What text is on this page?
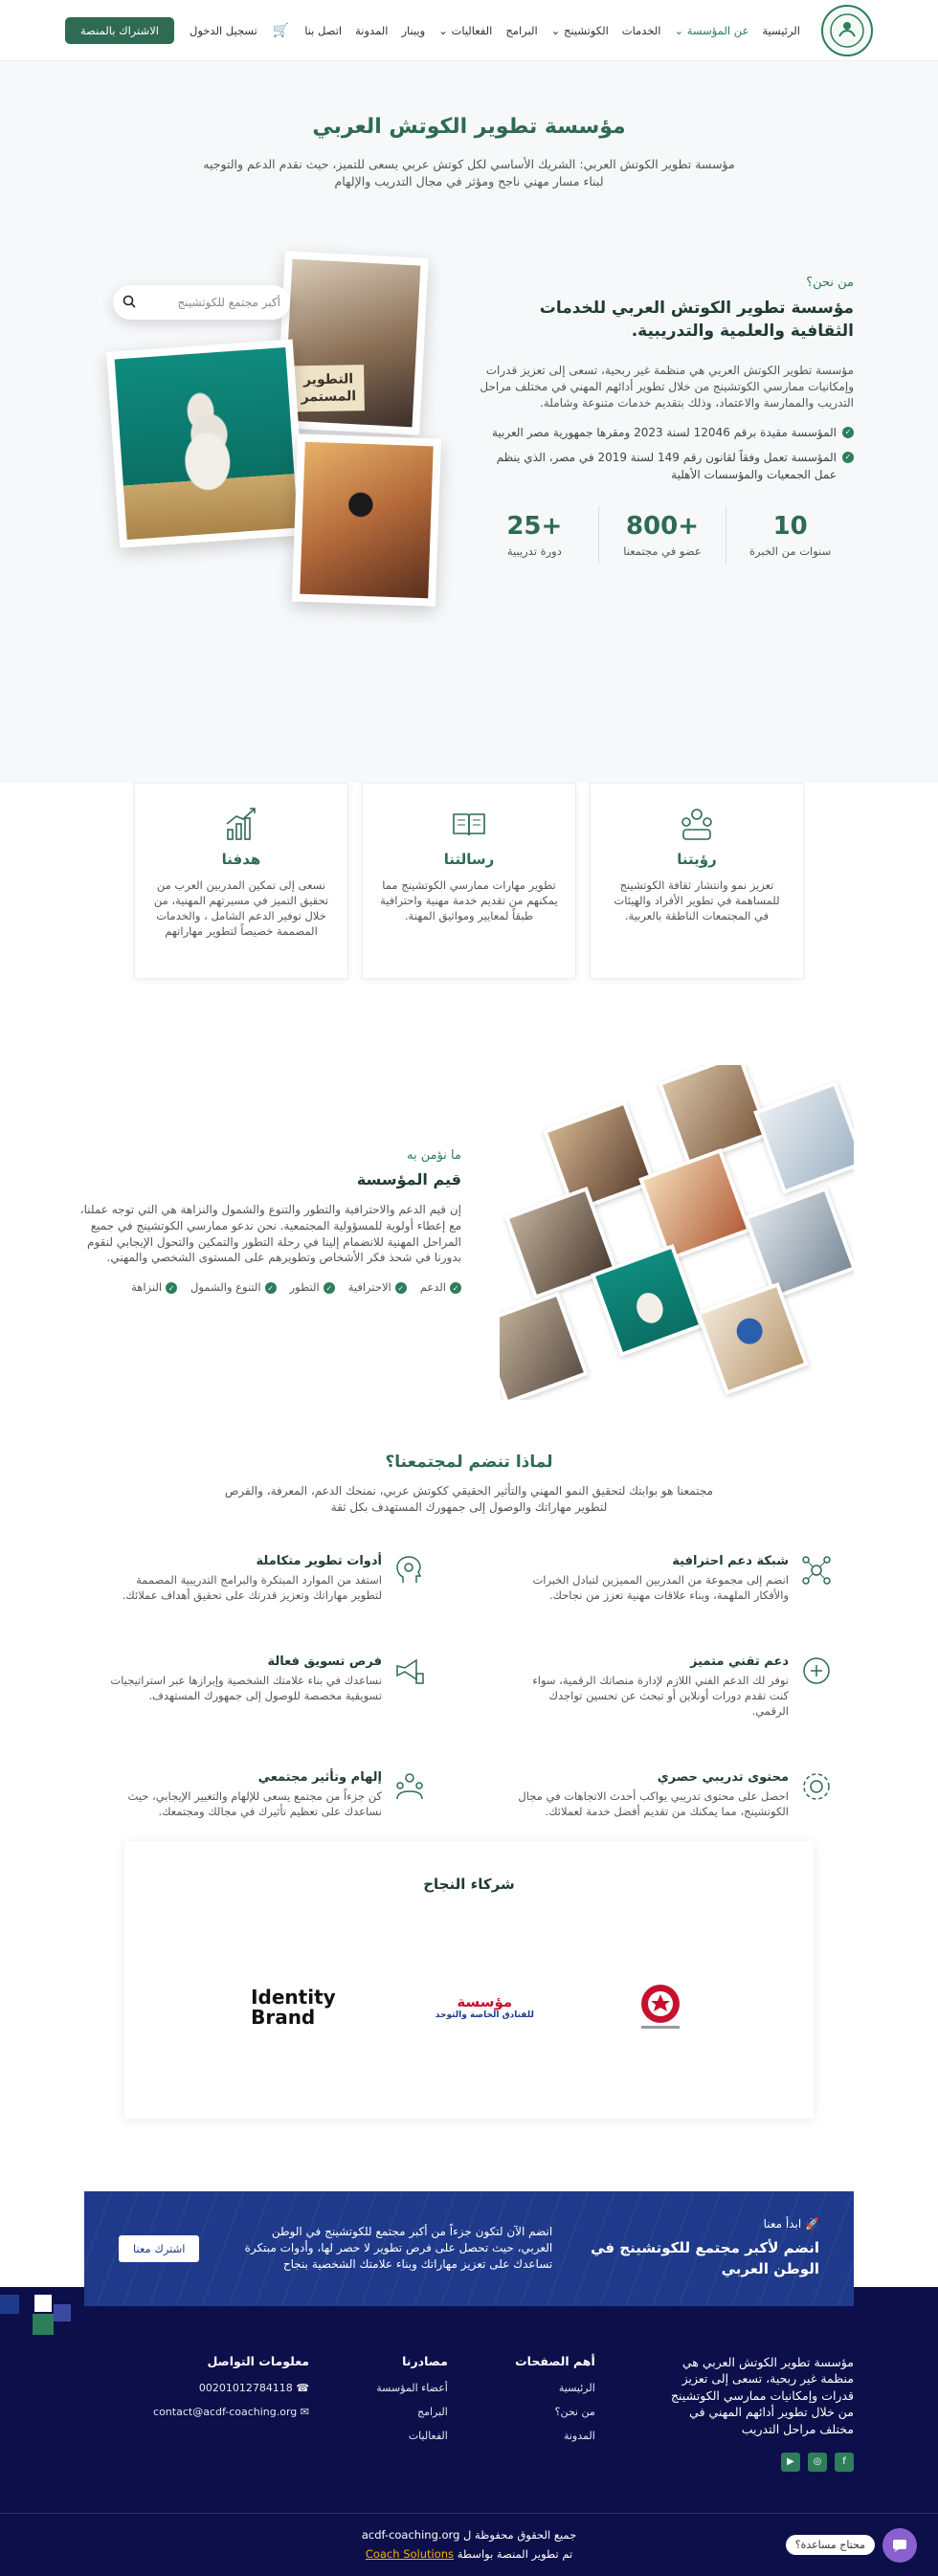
الرئيسية
عن المؤسسة ⌄
الخدمات
الكوتشينج ⌄
البرامج
الفعاليات ⌄
ويبنار
المدونة
اتصل بنا
🛒
تسجيل الدخول
الاشتراك بالمنصة
مؤسسة تطوير الكوتش العربي

مؤسسة تطوير الكوتش العربي: الشريك الأساسي لكل كوتش عربي يسعى للتميز، حيث نقدم الدعم والتوجيه لبناء مسار مهني ناجح ومؤثر في مجال التدريب والإلهام

من نحن؟
مؤسسة تطوير الكوتش العربي للخدمات الثقافية والعلمية والتدريبية.

مؤسسة تطوير الكوتش العربي هي منظمة غير ربحية، تسعى إلى تعزيز قدرات وإمكانيات ممارسي الكوتشينج من خلال تطوير أدائهم المهني في مختلف مراحل التدريب والممارسة والاعتماد، وذلك بتقديم خدمات متنوعة وشاملة.

✓
المؤسسة مقيدة برقم 12046 لسنة 2023 ومقرها جمهورية مصر العربية
✓
المؤسسة تعمل وفقاً لقانون رقم 149 لسنة 2019 في مصر، الذي ينظم عمل الجمعيات والمؤسسات الأهلية
10
سنوات من الخبرة
+800
عضو في مجتمعنا
+25
دورة تدريبية
التطوير
المستمر
أكبر مجتمع للكوتشينج
رؤيتنا

تعزيز نمو وانتشار ثقافة الكوتشينج للمساهمة في تطوير الأفراد والهيئات في المجتمعات الناطقة بالعربية.

رسالتنا

تطوير مهارات ممارسي الكوتشينج مما يمكنهم من تقديم خدمة مهنية واحترافية طبقاً لمعايير ومواثيق المهنة.

هدفنا

نسعى إلى تمكين المدربين العرب من تحقيق التميز في مسيرتهم المهنية، من خلال توفير الدعم الشامل ، والخدمات المصممة خصيصاً لتطوير مهاراتهم

ما نؤمن به
قيم المؤسسة

إن قيم الدعم والاحترافية والتطور والتنوع والشمول والنزاهة هي التي توجه عملنا، مع إعطاء أولوية للمسؤولية المجتمعية. نحن ندعو ممارسي الكوتشينج في جميع المراحل المهنية للانضمام إلينا في رحلة التطور والتمكين والتحول الإيجابي لنقوم بدورنا في شحذ فكر الأشخاص وتطويرهم على المستوى الشخصي والمهني.

✓
الدعم
✓
الاحترافية
✓
التطور
✓
التنوع والشمول
✓
النزاهة
لماذا تنضم لمجتمعنا؟

مجتمعنا هو بوابتك لتحقيق النمو المهني والتأثير الحقيقي ككوتش عربي، نمنحك الدعم، المعرفة، والفرص لتطوير مهاراتك والوصول إلى جمهورك المستهدف بكل ثقة

شبكة دعم احترافية

انضم إلى مجموعة من المدربين المميزين لتبادل الخبرات والأفكار الملهمة، وبناء علاقات مهنية تعزز من نجاحك.

أدوات تطوير متكاملة

استفد من الموارد المبتكرة والبرامج التدريبية المصممة لتطوير مهاراتك وتعزيز قدرتك على تحقيق أهداف عملائك.

دعم تقني متميز

نوفر لك الدعم الفني اللازم لإدارة منصاتك الرقمية، سواء كنت تقدم دورات أونلاين أو تبحث عن تحسين تواجدك الرقمي.

فرص تسويق فعالة

نساعدك في بناء علامتك الشخصية وإبرازها عبر استراتيجيات تسويقية مخصصة للوصول إلى جمهورك المستهدف.

محتوى تدريبي حصري

احصل على محتوى تدريبي يواكب أحدث الاتجاهات في مجال الكوتشينج، مما يمكنك من تقديم أفضل خدمة لعملائك.

إلهام وتأثير مجتمعي

كن جزءاً من مجتمع يسعى للإلهام والتغيير الإيجابي، حيث نساعدك على تعظيم تأثيرك في مجالك ومجتمعك.

شركاء النجاح
مؤسسة
للفنادق الخاصة والتوحد
Identity
Brand
🚀 ابدأ معنا
انضم لأكبر مجتمع للكوتشينج في الوطن العربي

انضم الآن لتكون جزءاً من أكبر مجتمع للكوتشينج في الوطن العربي، حيث تحصل على فرص تطوير لا حصر لها، وأدوات مبتكرة تساعدك على تعزيز مهاراتك وبناء علامتك الشخصية بنجاح

اشترك معنا
مؤسسة تطوير الكوتش العربي هي منظمة غير ربحية، تسعى إلى تعزيز قدرات وإمكانيات ممارسي الكوتشينج من خلال تطوير أدائهم المهني في مختلف مراحل التدريب
f
◎
▶
أهم الصفحات
الرئيسية
من نحن؟
المدونة
مصادرنا
أعضاء المؤسسة
البرامج
الفعاليات
معلومات التواصل
☎ 00201012784118
✉ contact@acdf-coaching.org
جميع الحقوق محفوظة ل acdf-coaching.org
تم تطوير المنصة بواسطة Coach Solutions
محتاج مساعدة؟
